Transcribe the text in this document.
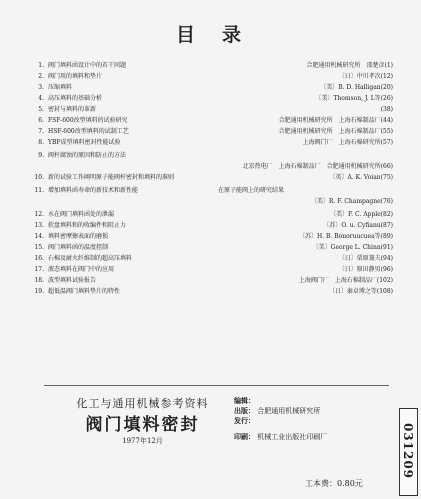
目　录
1. 阀门填料函设计中的若干问题	合肥通用机械研究所　邵楚彦(1)
2. 阀门用的填料和垫片	〔日〕中川孝次(12)
3. 压缩填料	〔美〕B. D. Halligan(20)
4. 高压填料的基础分析	〔美〕Thomson, J. L等(26)
5. 密封与填料的革新	(38)
6. FSF-600改型填料的试验研究	合肥通用机械研究所　上海石棉制品厂(44)
7. HSF-600改型填料的试制工艺	合肥通用机械研究所　上海石棉制品厂(55)
8. YBF成型填料密封性能试验	上海阀门厂　上海石棉研究所(57)
9. 阀杆腐蚀的原因和防止的方法
北京热电厂　上海石棉制品厂　合肥通用机械研究所(66)
10. 新的试验工作阐明原子能阀杆密封和填料的准则	〔英〕A. K. Voian(75)
11. 增加填料函寿命的新技术和新性能	在原子能阀上的研究结果
〔美〕R. F. Champagne(76)
12. 水在阀门填料函处的泄漏	〔美〕F. C. Apple(82)
13. 软盘填料和的收编件和阻止力	〔苏〕O. u. Cyfianu(87)
14. 填料密摩擦表面的磨损	〔苏〕H. B. Bonoruucuea等(89)
15. 阀门填料函的温度控制	〔美〕George L. Chinn(91)
16. 石棉及耐火纤维制的超高压填料	〔日〕栗原兼夫(94)
17. 液态填料在阀门中的应用	〔日〕原田静男(96)
18. 波型填料试验报告	上海阀门厂　上海石棉制品厂(102)
19. 超低温阀门填料垫片的特性	〔日〕秦卓博之等(108)
化工与通用机械参考资料
阀门填料密封
1977年12月
编辑：
出版： 合肥通用机械研究所
发行：
印刷： 机械工业出版社印刷厂
工本费：0.80元
031209
